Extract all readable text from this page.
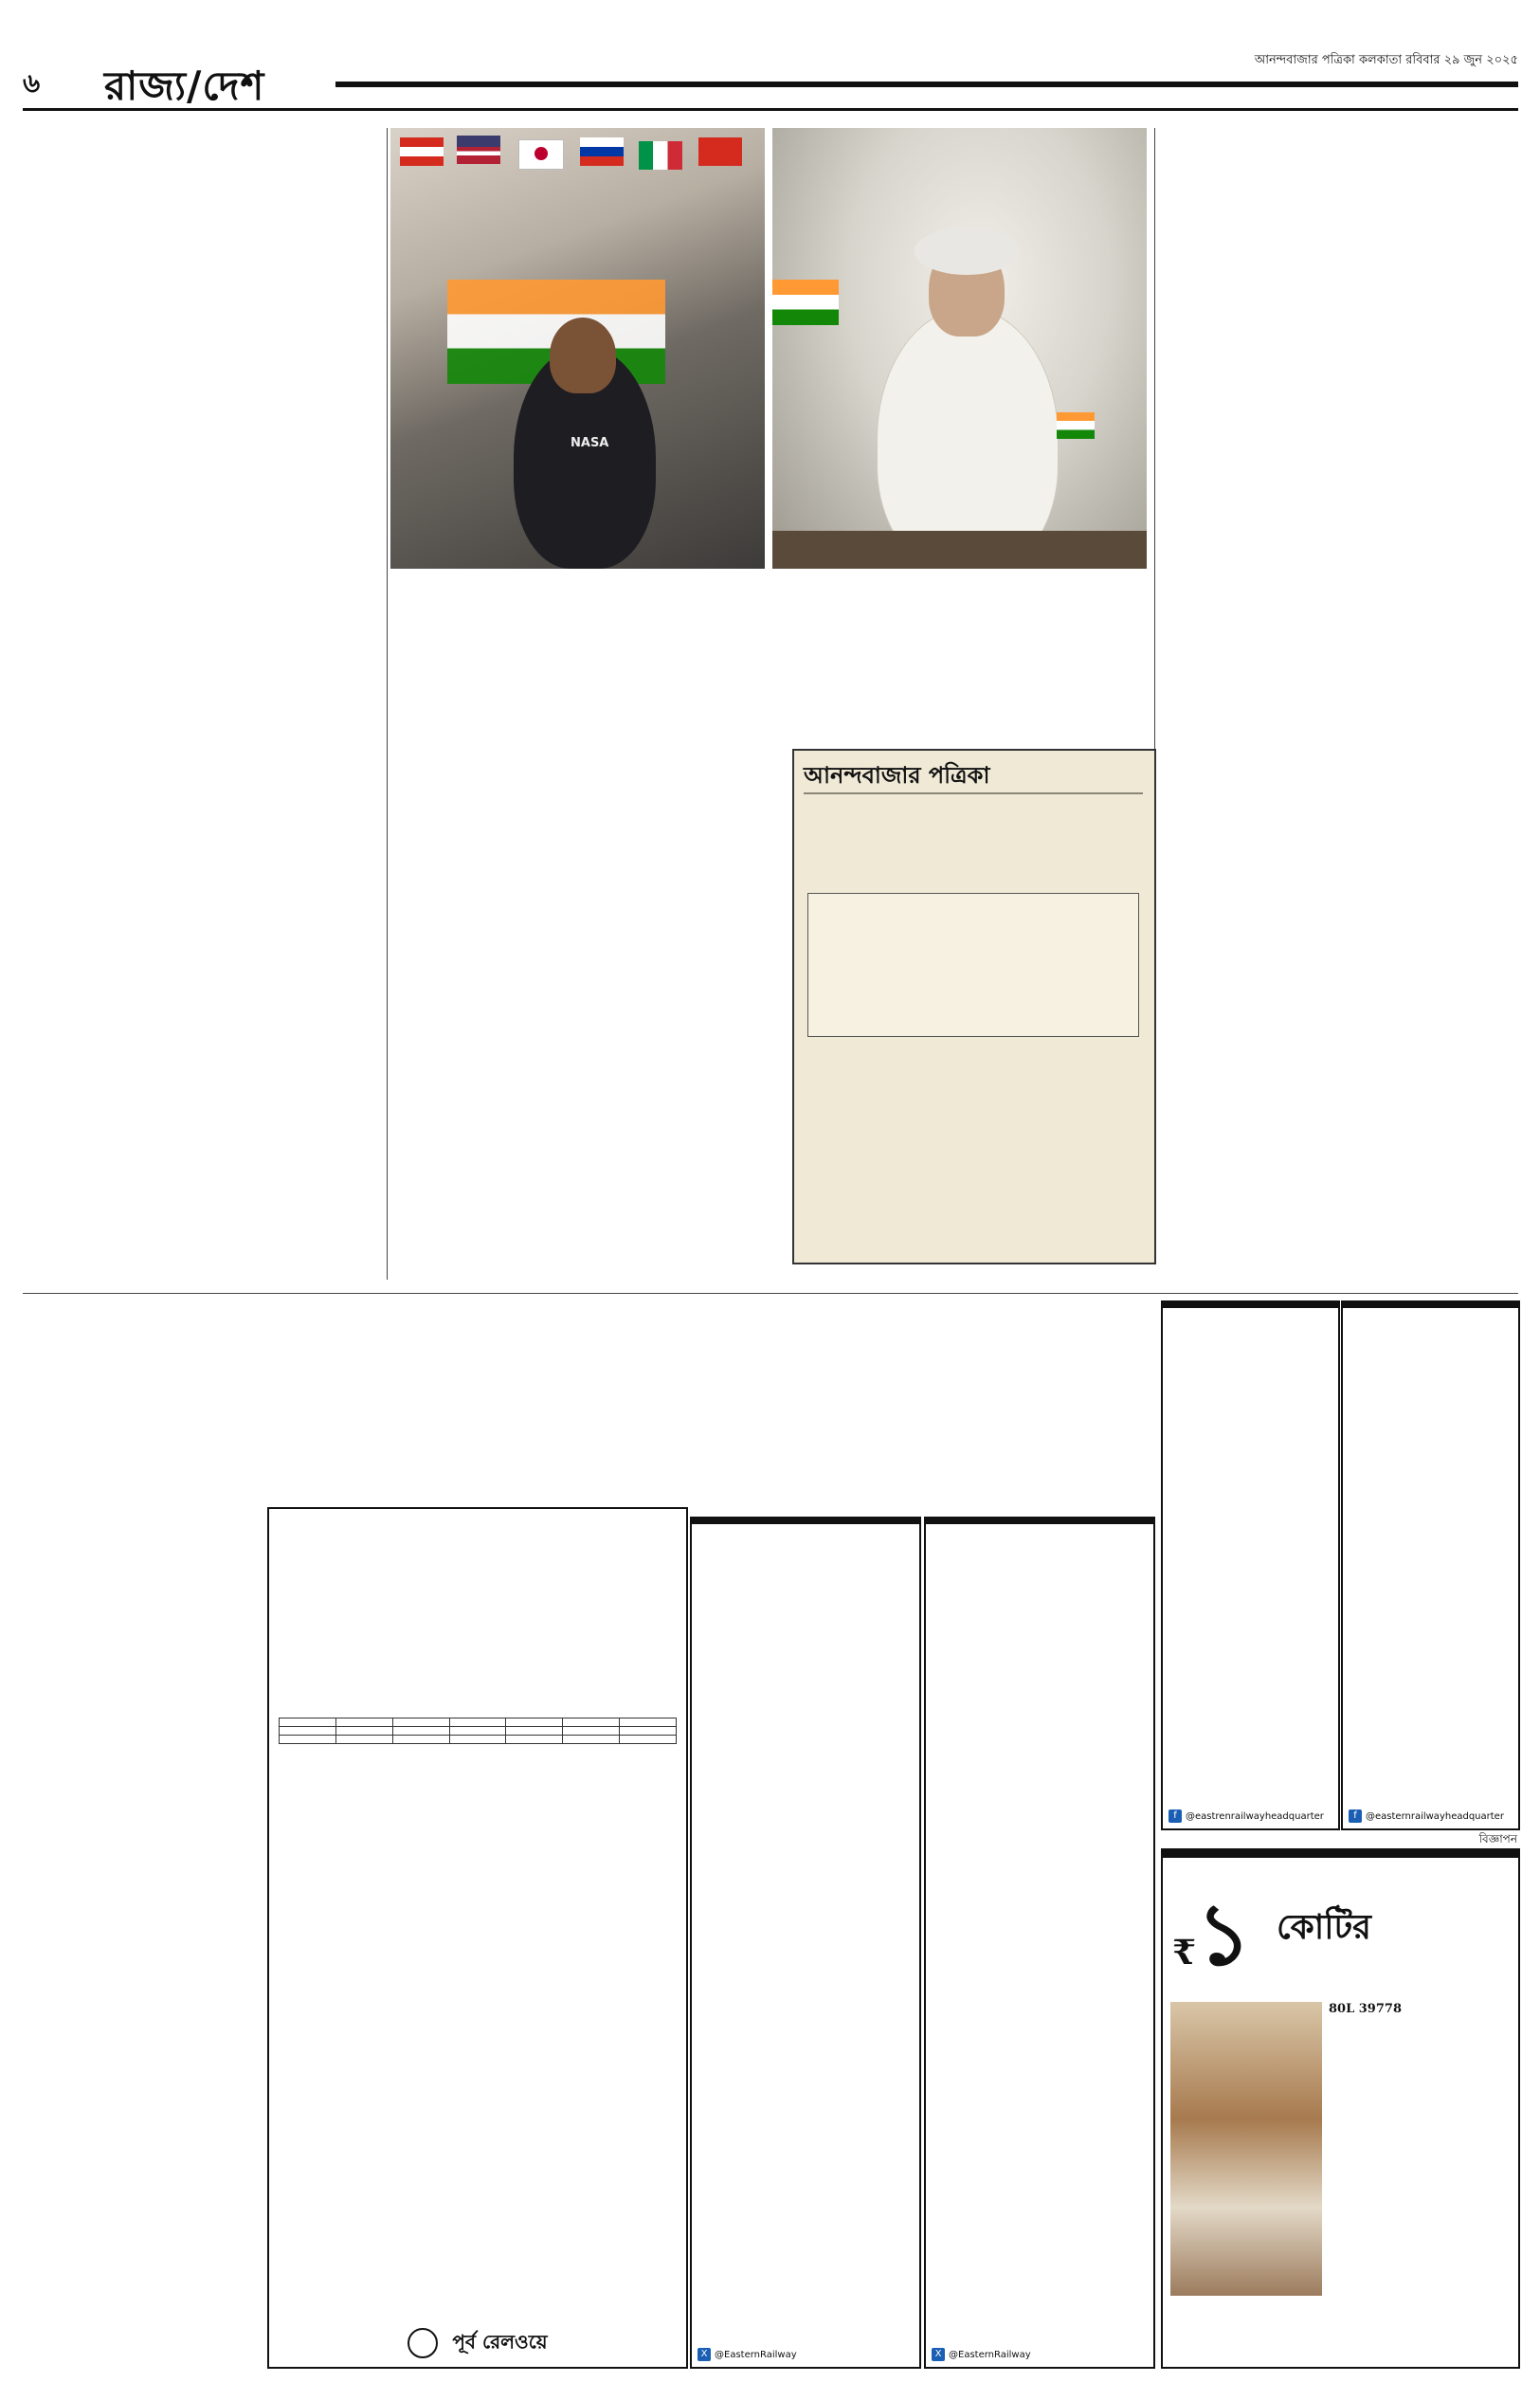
৬ রাজ্য/দেশ
আনন্দবাজার পত্রিকা কলকাতা রবিবার ২৯ জুন ২০২৫
NASA
আনন্দবাজার পত্রিকা

পূর্ব রেলওয়ে
f @eastrenrailwayheadquarter	f @easternrailwayheadquarter
X @EasternRailway	X @EasternRailway
বিজ্ঞাপন
₹১ কোটির
80L 39778
